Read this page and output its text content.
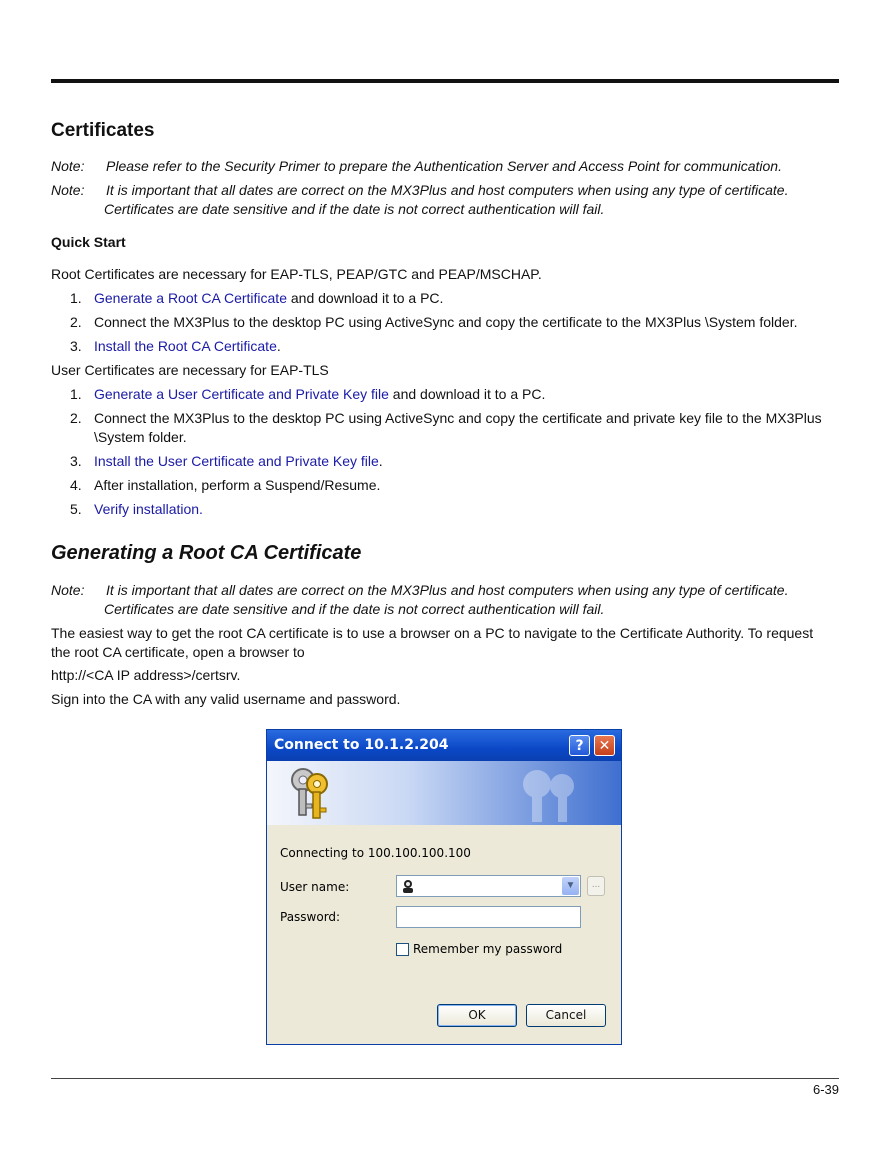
Certificates
Note: Please refer to the Security Primer to prepare the Authentication Server and Access Point for communication.
Note: It is important that all dates are correct on the MX3Plus and host computers when using any type of certificate.
Certificates are date sensitive and if the date is not correct authentication will fail.
Quick Start
Root Certificates are necessary for EAP-TLS, PEAP/GTC and PEAP/MSCHAP.
1. Generate a Root CA Certificate and download it to a PC.
2. Connect the MX3Plus to the desktop PC using ActiveSync and copy the certificate to the MX3Plus \System folder.
3. Install the Root CA Certificate.
User Certificates are necessary for EAP-TLS
1. Generate a User Certificate and Private Key file and download it to a PC.
2. Connect the MX3Plus to the desktop PC using ActiveSync and copy the certificate and private key file to the MX3Plus
\System folder.
3. Install the User Certificate and Private Key file.
4. After installation, perform a Suspend/Resume.
5. Verify installation.
Generating a Root CA Certificate
Note: It is important that all dates are correct on the MX3Plus and host computers when using any type of certificate.
Certificates are date sensitive and if the date is not correct authentication will fail.
The easiest way to get the root CA certificate is to use a browser on a PC to navigate to the Certificate Authority. To request
the root CA certificate, open a browser to
http://<CA IP address>/certsrv.
Sign into the CA with any valid username and password.
Connect to 10.1.2.204	?	✕
Connecting to 100.100.100.100
User name:	▼	...
Password:
Remember my password
OK	Cancel
6-39
